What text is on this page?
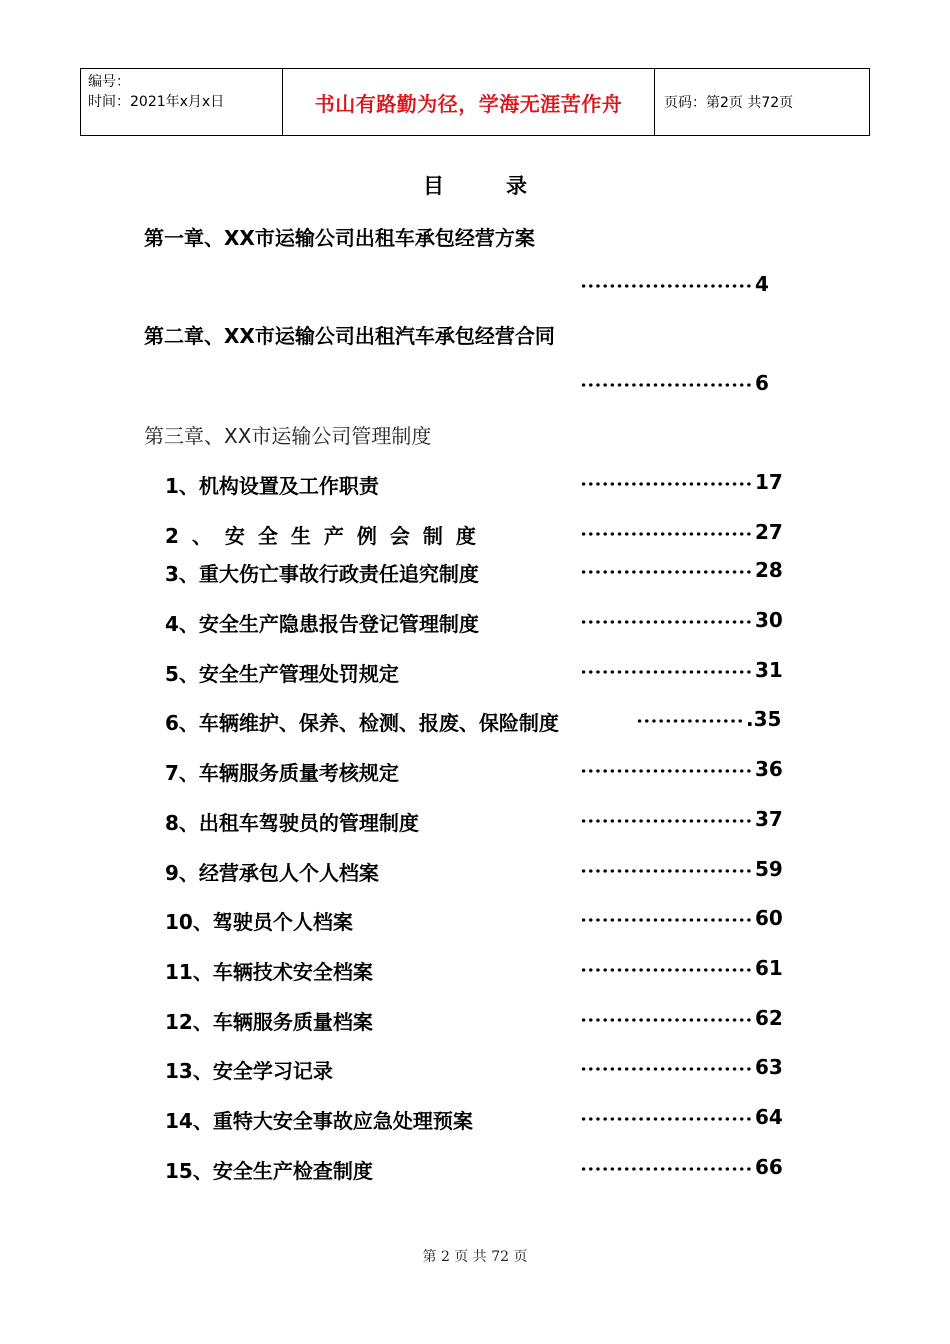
编号：
时间：2021年x月x日	书山有路勤为径，学海无涯苦作舟	页码：第2页 共72页
目	录
第一章、XX市运输公司出租车承包经营方案
4
第二章、XX市运输公司出租汽车承包经营合同
6
第三章、XX市运输公司管理制度
1、机构设置及工作职责	17
2、安全生产例会制度	27
3、重大伤亡事故行政责任追究制度	28
4、安全生产隐患报告登记管理制度	30
5、安全生产管理处罚规定	31
6、车辆维护、保养、检测、报废、保险制度	.35
7、车辆服务质量考核规定	36
8、出租车驾驶员的管理制度	37
9、经营承包人个人档案	59
10、驾驶员个人档案	60
11、车辆技术安全档案	61
12、车辆服务质量档案	62
13、安全学习记录	63
14、重特大安全事故应急处理预案	64
15、安全生产检查制度	66
第 2 页 共 72 页
